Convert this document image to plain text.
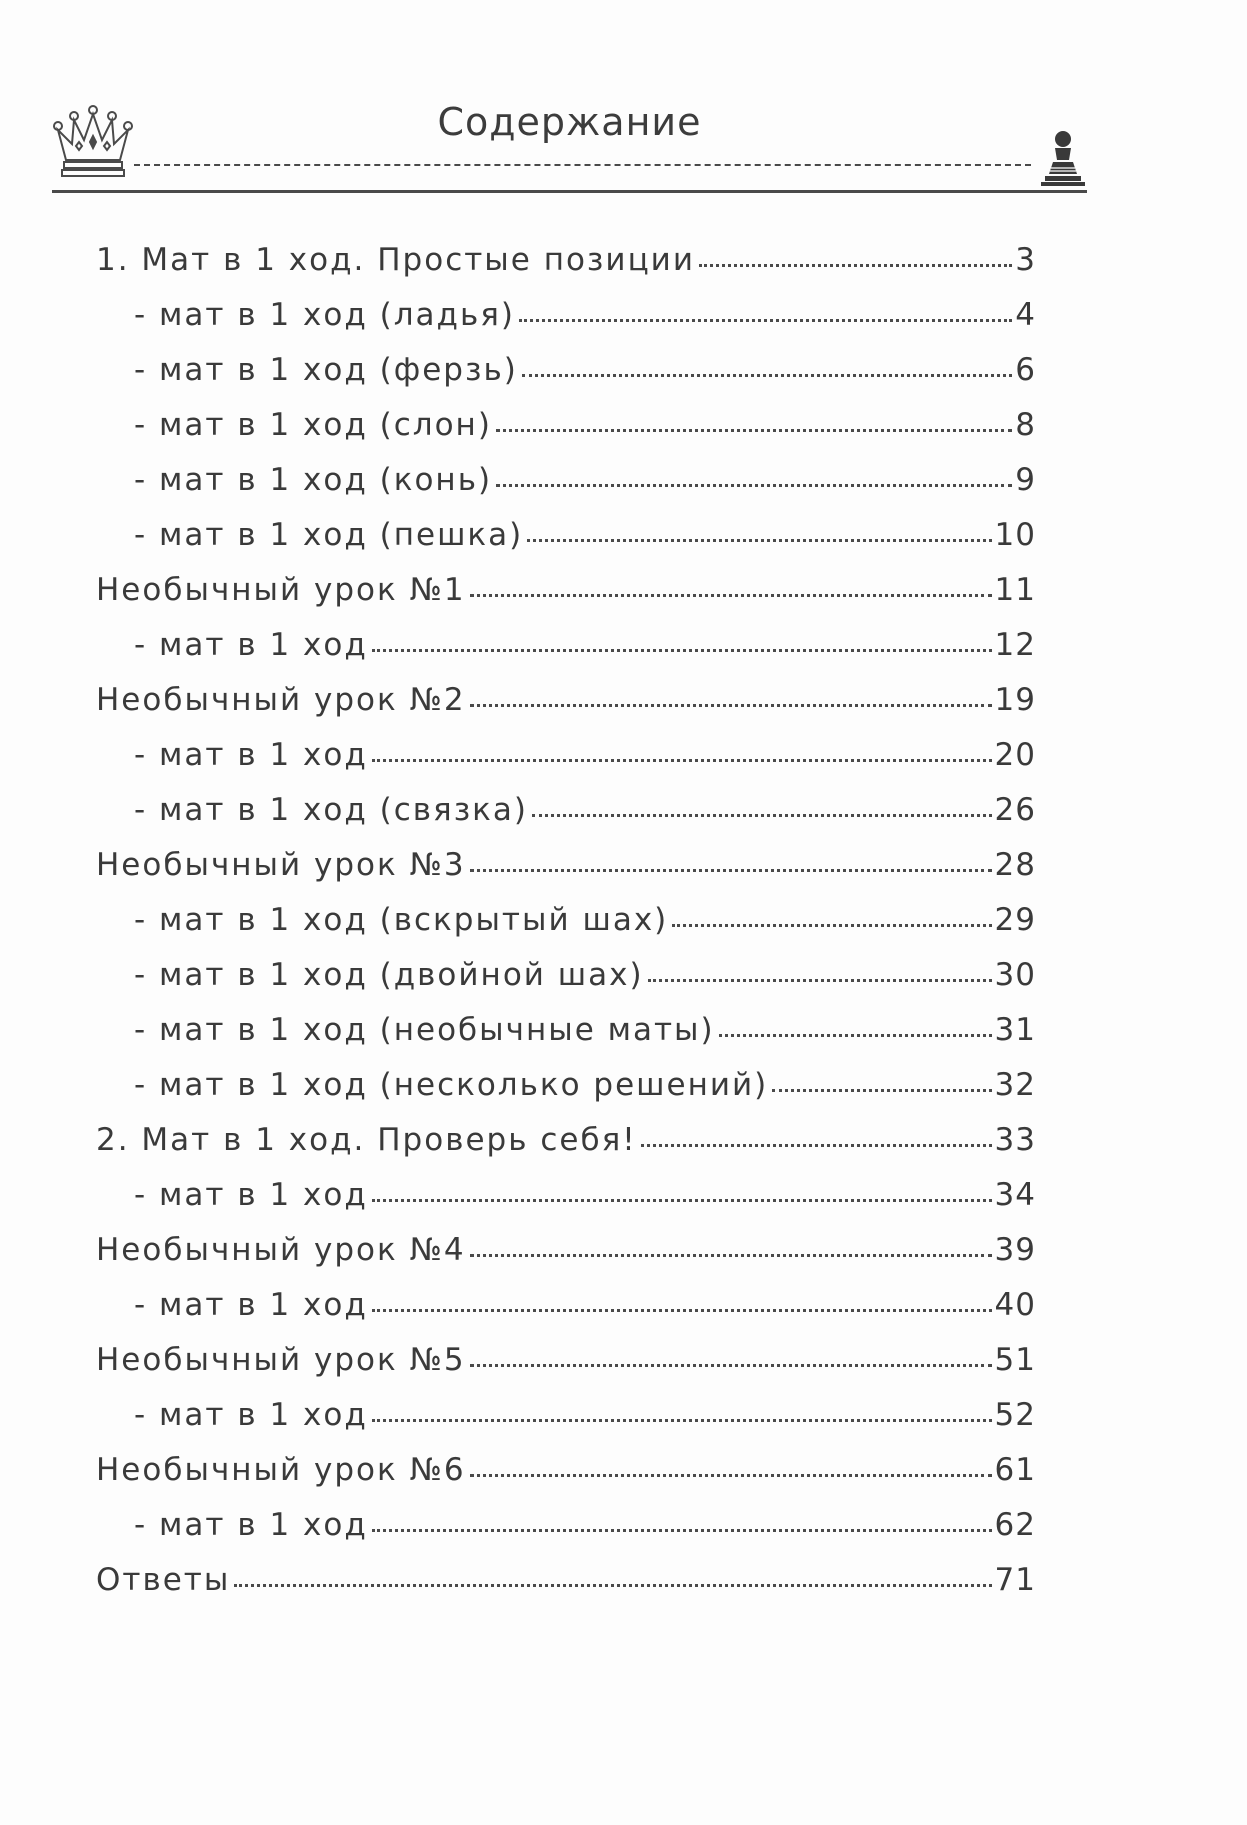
Содержание
1. Мат в 1 ход. Простые позиции	3
- мат в 1 ход (ладья)	4
- мат в 1 ход (ферзь)	6
- мат в 1 ход (слон)	8
- мат в 1 ход (конь)	9
- мат в 1 ход (пешка)	10
Необычный урок №1	11
- мат в 1 ход	12
Необычный урок №2	19
- мат в 1 ход	20
- мат в 1 ход (связка)	26
Необычный урок №3	28
- мат в 1 ход (вскрытый шах)	29
- мат в 1 ход (двойной шах)	30
- мат в 1 ход (необычные маты)	31
- мат в 1 ход (несколько решений)	32
2. Мат в 1 ход. Проверь себя!	33
- мат в 1 ход	34
Необычный урок №4	39
- мат в 1 ход	40
Необычный урок №5	51
- мат в 1 ход	52
Необычный урок №6	61
- мат в 1 ход	62
Ответы	71
